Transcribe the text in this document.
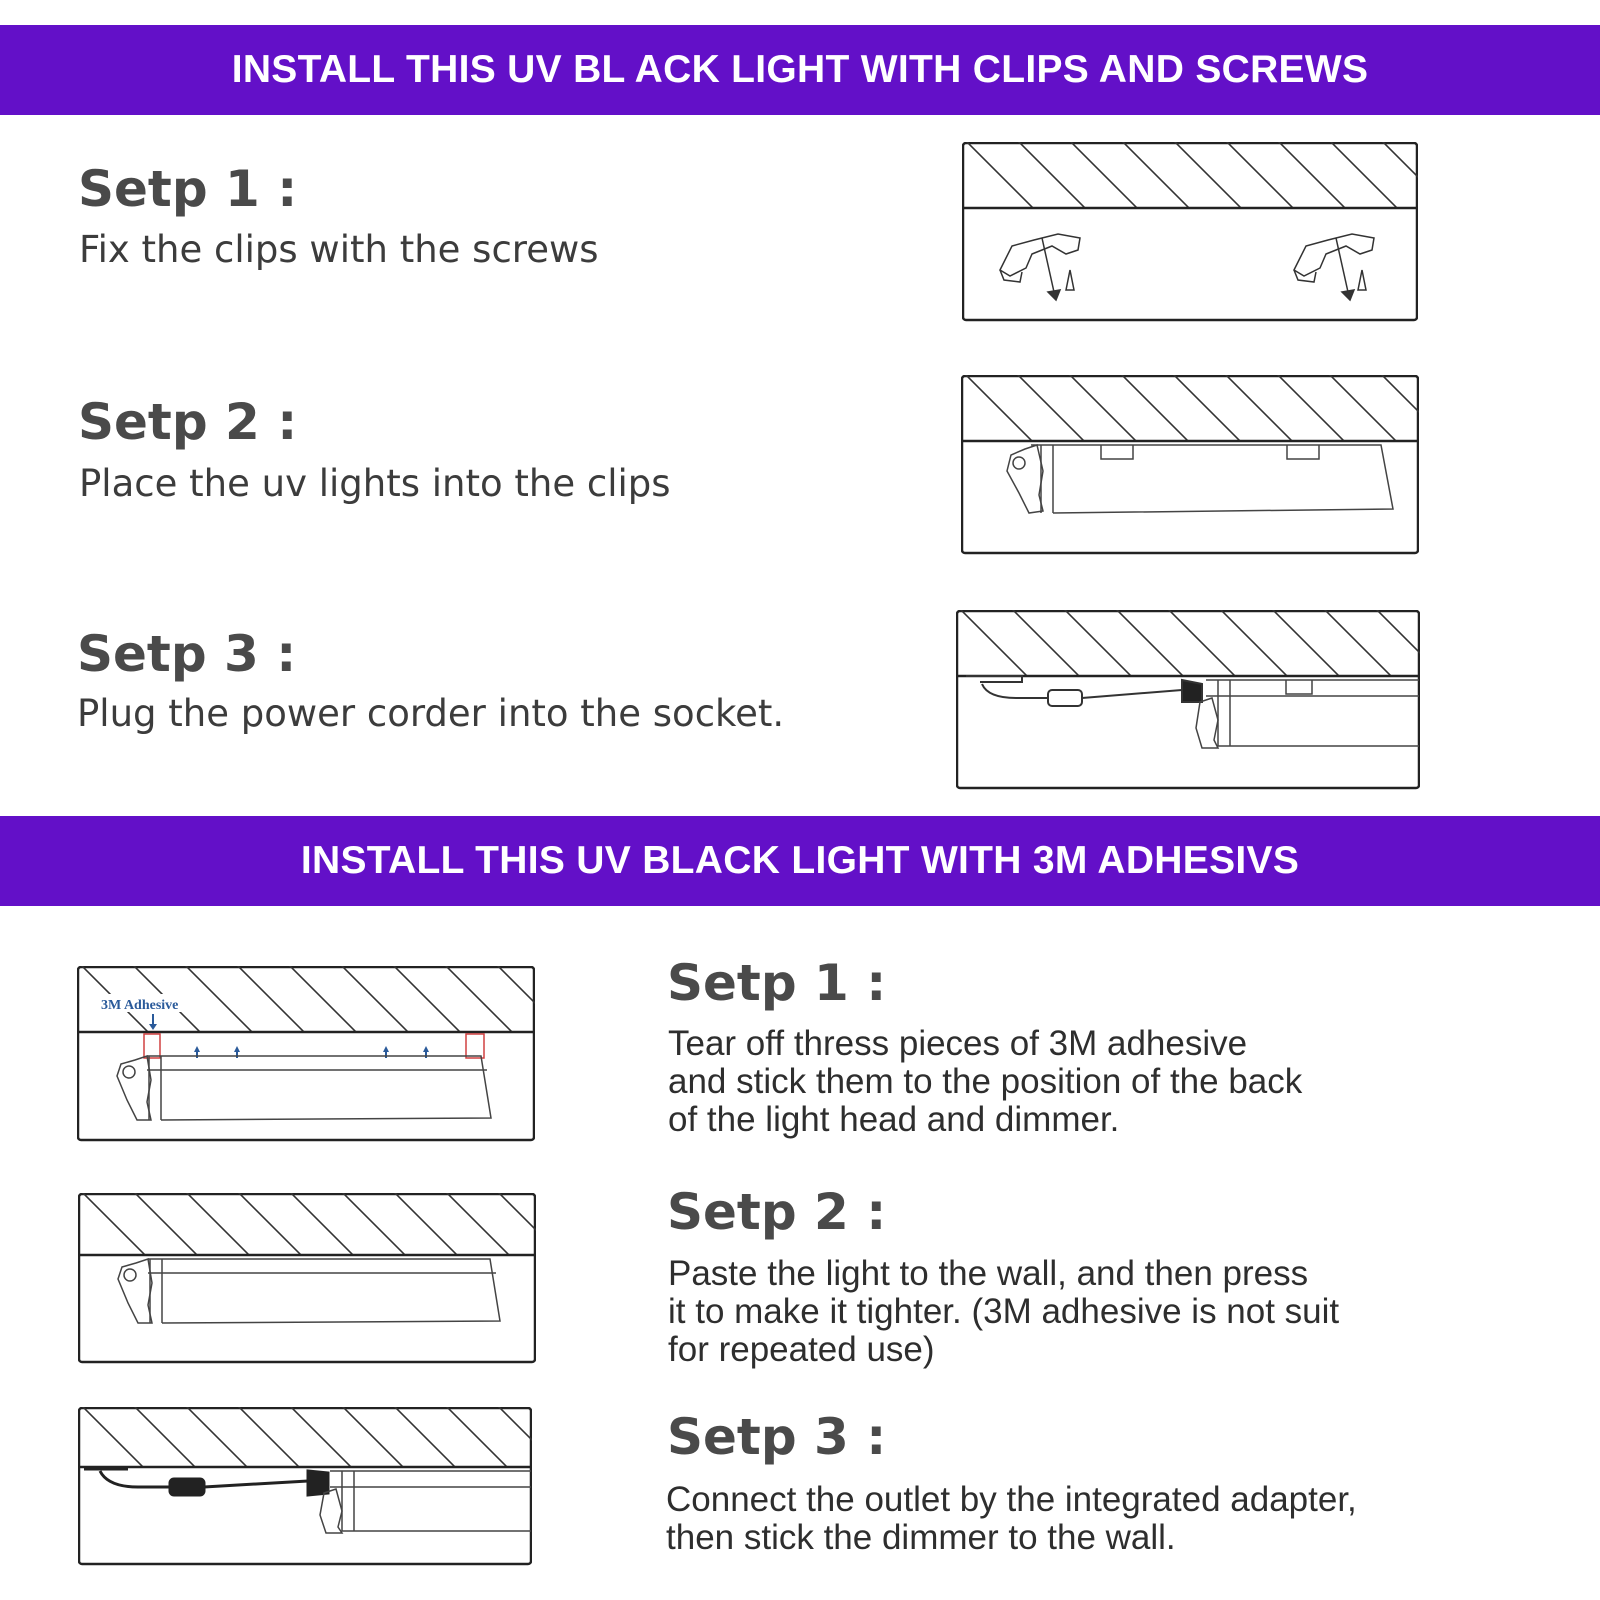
INSTALL THIS UV BL ACK LIGHT WITH CLIPS AND SCREWS
Setp 1 :
Fix the clips with the screws
Setp 2 :
Place the uv lights into the clips
Setp 3 :
Plug the power corder into the socket.
INSTALL THIS UV BLACK LIGHT WITH 3M ADHESIVS
3M Adhesive	Setp 1 :
Tear off thress pieces of 3M adhesive
and stick them to the position of the back
of the light head and dimmer.
Setp 2 :
Paste the light to the wall, and then press
it to make it tighter. (3M adhesive is not suit
for repeated use)
Setp 3 :
Connect the outlet by the integrated adapter,
then stick the dimmer to the wall.
